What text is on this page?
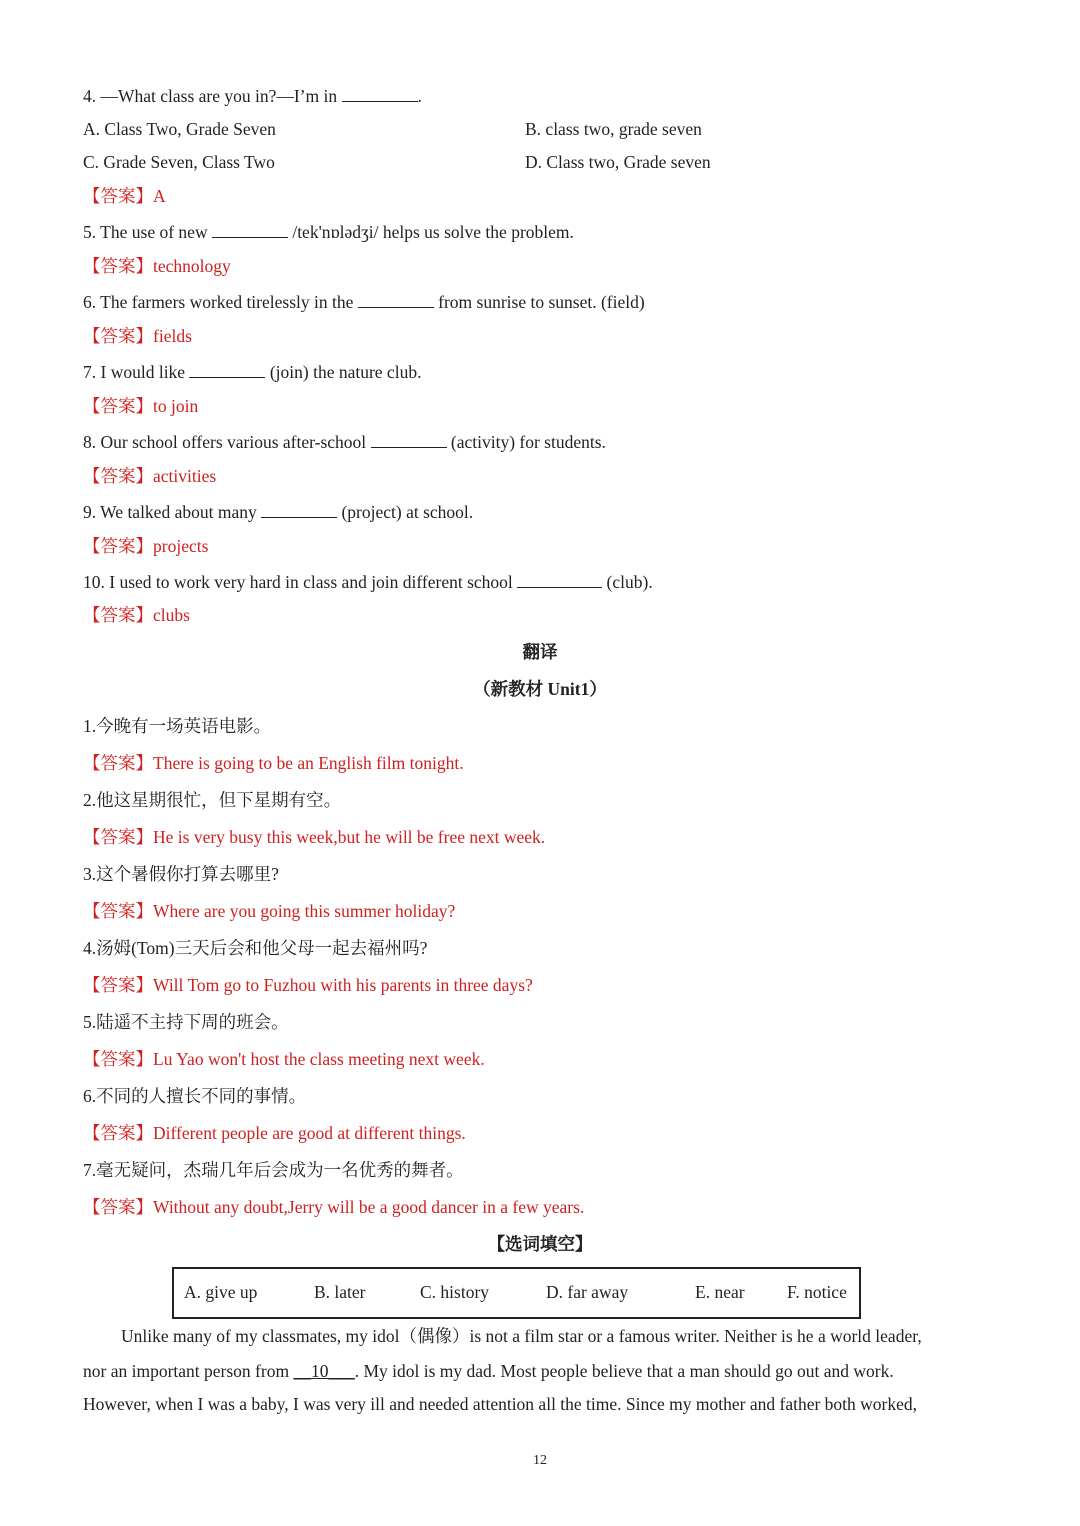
4. —What class are you in?—I’m in	.
A. Class Two, Grade Seven	B. class two, grade seven
C. Grade Seven, Class Two	D. Class two, Grade seven
【答案】A
5. The use of new	/tek'nɒlədʒi/ helps us solve the problem.
【答案】technology
6. The farmers worked tirelessly in the	from sunrise to sunset. (field)
【答案】fields
7. I would like	(join) the nature club.
【答案】to join
8. Our school offers various after-school	(activity) for students.
【答案】activities
9. We talked about many	(project) at school.
【答案】projects
10. I used to work very hard in class and join different school	(club).
【答案】clubs
翻译
（新教材 Unit1）
1.今晚有一场英语电影。
【答案】There is going to be an English film tonight.
2.他这星期很忙，但下星期有空。
【答案】He is very busy this week,but he will be free next week.
3.这个暑假你打算去哪里?
【答案】Where are you going this summer holiday?
4.汤姆(Tom)三天后会和他父母一起去福州吗?
【答案】Will Tom go to Fuzhou with his parents in three days?
5.陆遥不主持下周的班会。
【答案】Lu Yao won't host the class meeting next week.
6.不同的人擅长不同的事情。
【答案】Different people are good at different things.
7.毫无疑问，杰瑞几年后会成为一名优秀的舞者。
【答案】Without any doubt,Jerry will be a good dancer in a few years.
【选词填空】
A. give up	B. later	C. history	D. far away	E. near F. notice
Unlike many of my classmates, my idol（偶像）is not a film star or a famous writer. Neither is he a world leader,
nor an important person from __10___. My idol is my dad. Most people believe that a man should go out and work.
However, when I was a baby, I was very ill and needed attention all the time. Since my mother and father both worked,
12
